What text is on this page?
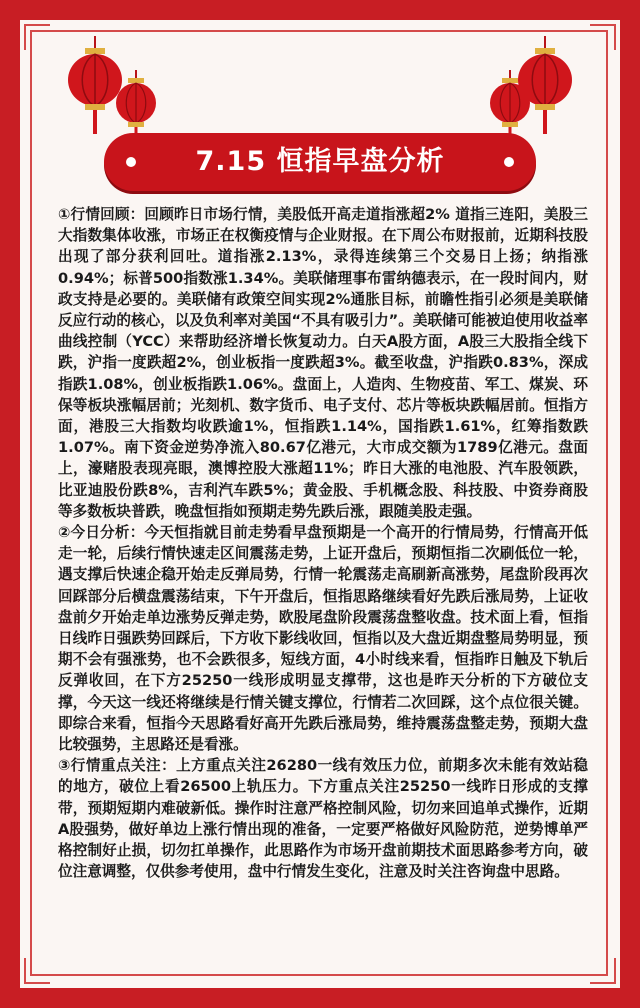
7.15 恒指早盘分析

①行情回顾：回顾昨日市场行情，美股低开高走道指涨超2% 道指三连阳，美股三大指数集体收涨，市场正在权衡疫情与企业财报。在下周公布财报前，近期科技股出现了部分获利回吐。道指涨2.13%，录得连续第三个交易日上扬；纳指涨0.94%；标普500指数涨1.34%。美联储理事布雷纳德表示，在一段时间内，财政支持是必要的。美联储有政策空间实现2%通胀目标，前瞻性指引必须是美联储反应行动的核心，以及负利率对美国“不具有吸引力”。美联储可能被迫使用收益率曲线控制（YCC）来帮助经济增长恢复动力。白天A股方面，A股三大股指全线下跌，沪指一度跌超2%，创业板指一度跌超3%。截至收盘，沪指跌0.83%，深成指跌1.08%，创业板指跌1.06%。盘面上，人造肉、生物疫苗、军工、煤炭、环保等板块涨幅居前；光刻机、数字货币、电子支付、芯片等板块跌幅居前。恒指方面，港股三大指数均收跌逾1%，恒指跌1.14%，国指跌1.61%，红筹指数跌1.07%。南下资金逆势净流入80.67亿港元，大市成交额为1789亿港元。盘面上，濠赌股表现亮眼，澳博控股大涨超11%；昨日大涨的电池股、汽车股领跌，比亚迪股份跌8%，吉利汽车跌5%；黄金股、手机概念股、科技股、中资券商股等多数板块普跌，晚盘恒指如预期走势先跌后涨，跟随美股走强。

②今日分析：今天恒指就目前走势看早盘预期是一个高开的行情局势，行情高开低走一轮，后续行情快速走区间震荡走势，上证开盘后，预期恒指二次刷低位一轮，遇支撑后快速企稳开始走反弹局势，行情一轮震荡走高刷新高涨势，尾盘阶段再次回踩部分后横盘震荡结束，下午开盘后，恒指思路继续看好先跌后涨局势，上证收盘前夕开始走单边涨势反弹走势，欧股尾盘阶段震荡盘整收盘。技术面上看，恒指日线昨日强跌势回踩后，下方收下影线收回，恒指以及大盘近期盘整局势明显，预期不会有强涨势，也不会跌很多，短线方面，4小时线来看，恒指昨日触及下轨后反弹收回，在下方25250一线形成明显支撑带，这也是昨天分析的下方破位支撑，今天这一线还将继续是行情关键支撑位，行情若二次回踩，这个点位很关键。即综合来看，恒指今天思路看好高开先跌后涨局势，维持震荡盘整走势，预期大盘比较强势，主思路还是看涨。

③行情重点关注：上方重点关注26280一线有效压力位，前期多次未能有效站稳的地方，破位上看26500上轨压力。下方重点关注25250一线昨日形成的支撑带，预期短期内难破新低。操作时注意严格控制风险，切勿来回追单式操作，近期A股强势，做好单边上涨行情出现的准备，一定要严格做好风险防范，逆势博单严格控制好止损，切勿扛单操作，此思路作为市场开盘前期技术面思路参考方向，破位注意调整，仅供参考使用，盘中行情发生变化，注意及时关注咨询盘中思路。
